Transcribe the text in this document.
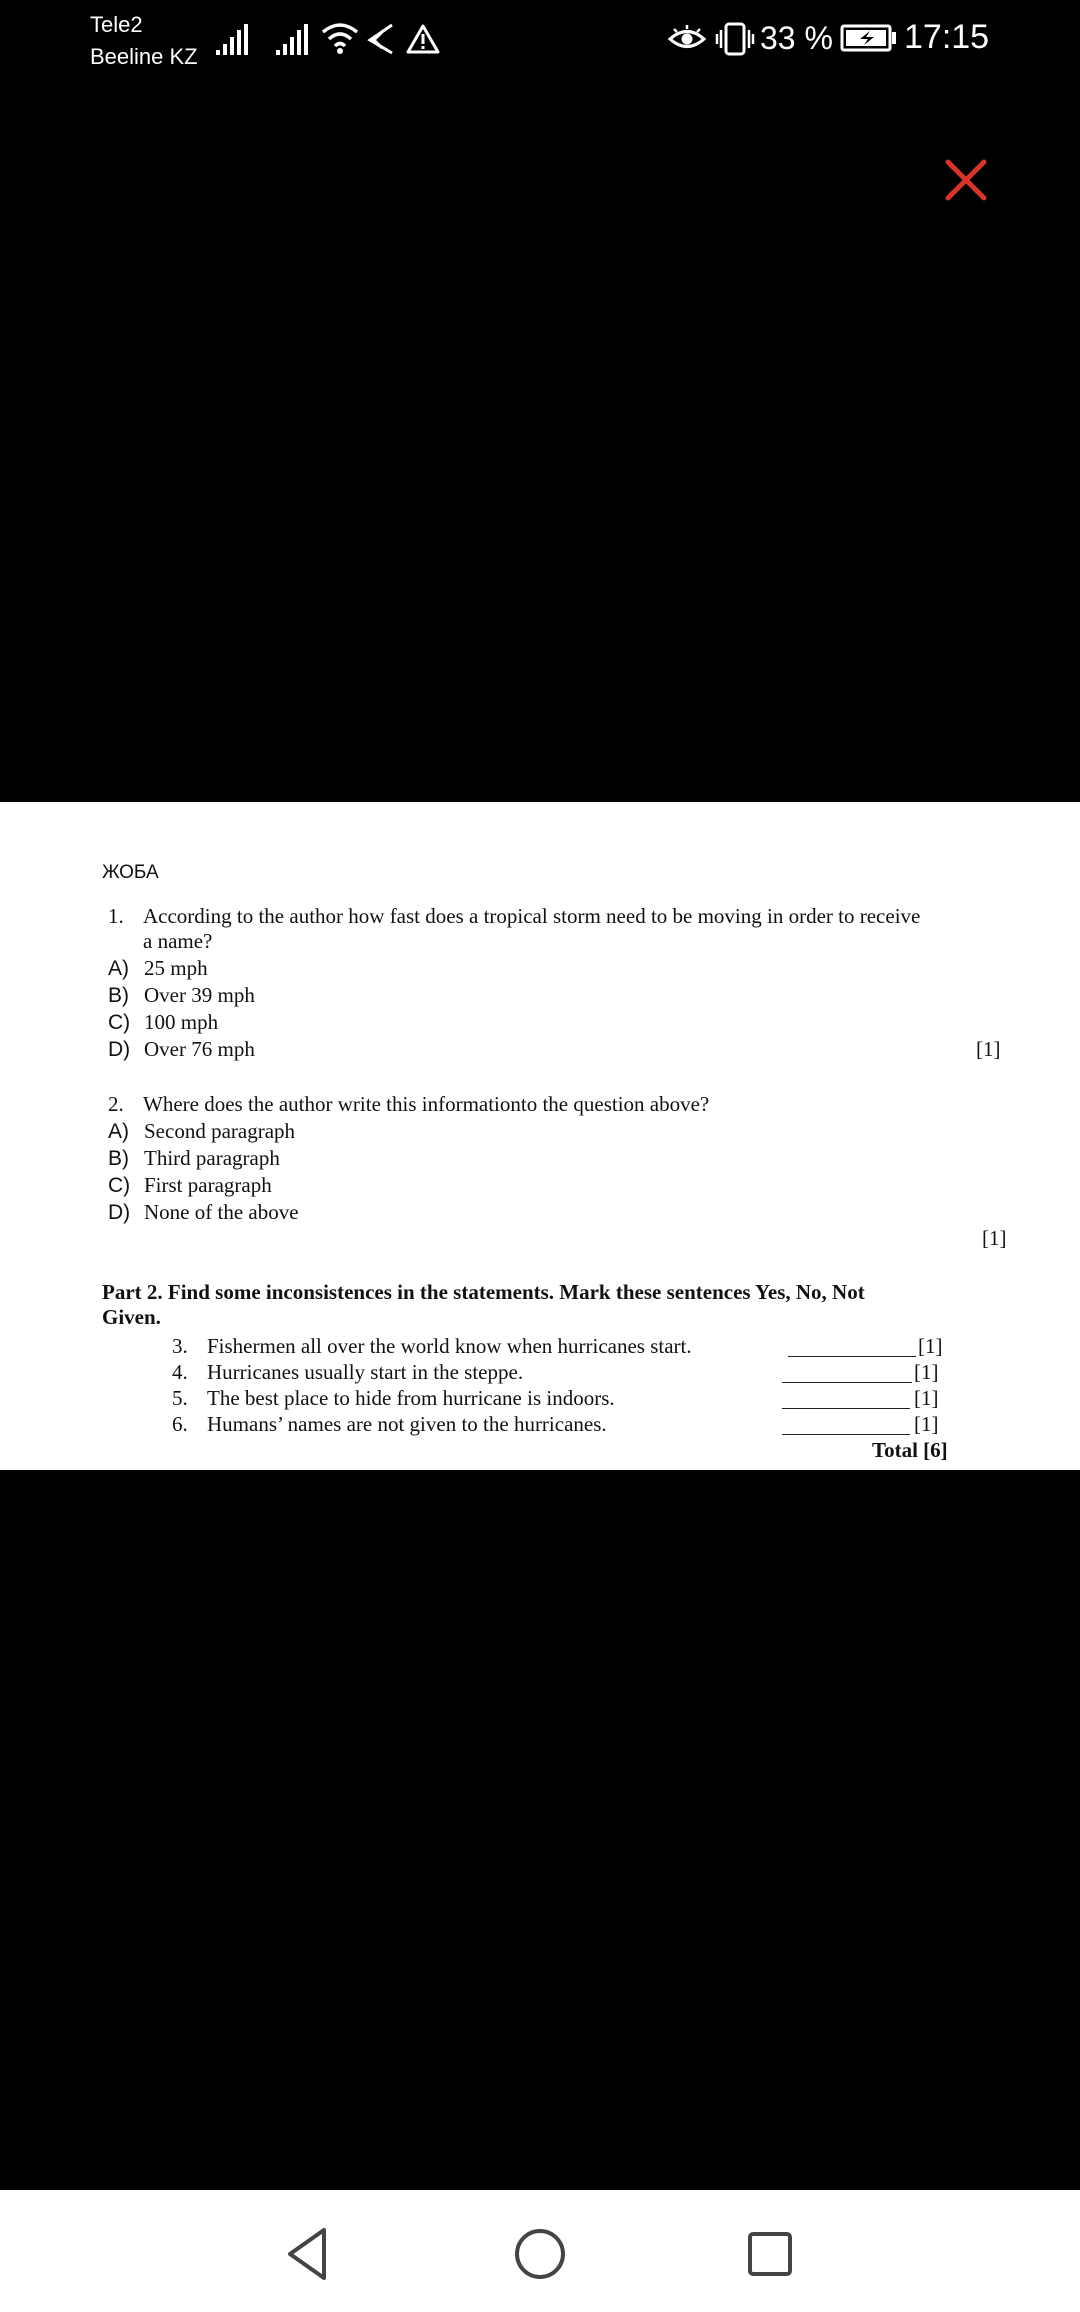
Tele2
Beeline KZ
33 % 17:15
ЖОБА
1. According to the author how fast does a tropical storm need to be moving in order to receive
a name?
A) 25 mph
B) Over 39 mph
C) 100 mph
D) Over 76 mph	[1]
2. Where does the author write this informationto the question above?
A) Second paragraph
B) Third paragraph
C) First paragraph
D) None of the above
[1]
Part 2. Find some inconsistences in the statements. Mark these sentences Yes, No, Not
Given.
3. Fishermen all over the world know when hurricanes start.	[1]
4. Hurricanes usually start in the steppe.	[1]
5. The best place to hide from hurricane is indoors.	[1]
6. Humans’ names are not given to the hurricanes.	[1]
Total [6]
